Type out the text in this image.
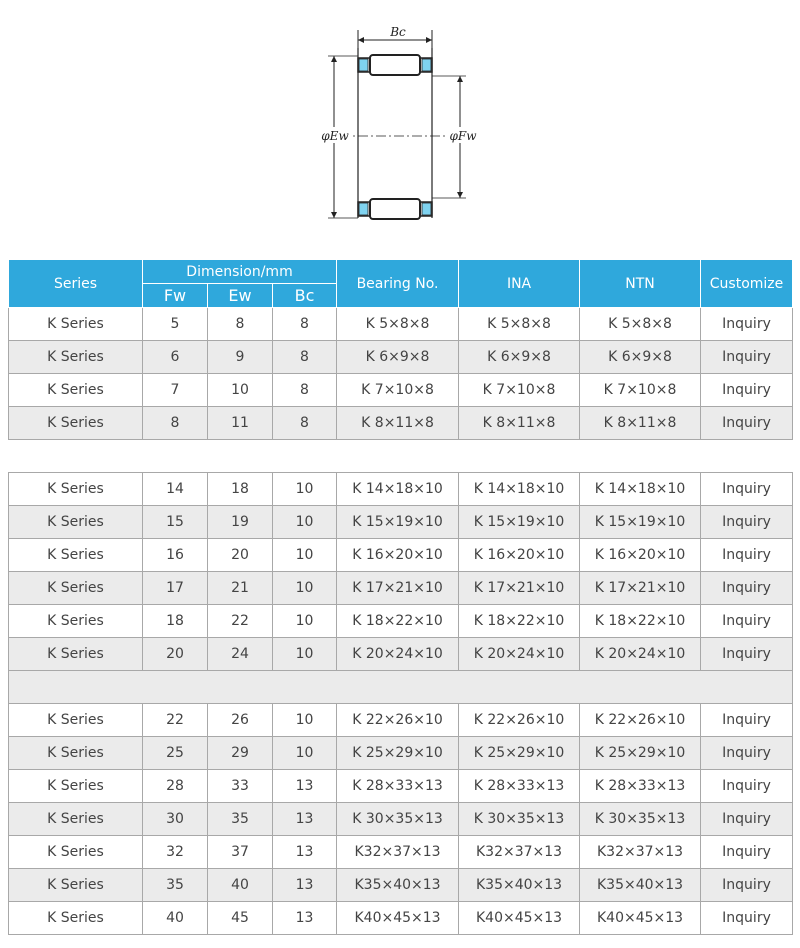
Bc
φEw	φFw
Series	Dimension/mm			Bearing No.	INA	NTN	Customize
	Fw	Ew	Bc				
K Series	5	8	8	K 5×8×8	K 5×8×8	K 5×8×8	Inquiry
K Series	6	9	8	K 6×9×8	K 6×9×8	K 6×9×8	Inquiry
K Series	7	10	8	K 7×10×8	K 7×10×8	K 7×10×8	Inquiry
K Series	8	11	8	K 8×11×8	K 8×11×8	K 8×11×8	Inquiry

K Series	14	18	10	K 14×18×10	K 14×18×10	K 14×18×10	Inquiry
K Series	15	19	10	K 15×19×10	K 15×19×10	K 15×19×10	Inquiry
K Series	16	20	10	K 16×20×10	K 16×20×10	K 16×20×10	Inquiry
K Series	17	21	10	K 17×21×10	K 17×21×10	K 17×21×10	Inquiry
K Series	18	22	10	K 18×22×10	K 18×22×10	K 18×22×10	Inquiry
K Series	20	24	10	K 20×24×10	K 20×24×10	K 20×24×10	Inquiry

K Series	22	26	10	K 22×26×10	K 22×26×10	K 22×26×10	Inquiry
K Series	25	29	10	K 25×29×10	K 25×29×10	K 25×29×10	Inquiry
K Series	28	33	13	K 28×33×13	K 28×33×13	K 28×33×13	Inquiry
K Series	30	35	13	K 30×35×13	K 30×35×13	K 30×35×13	Inquiry
K Series	32	37	13	K32×37×13	K32×37×13	K32×37×13	Inquiry
K Series	35	40	13	K35×40×13	K35×40×13	K35×40×13	Inquiry
K Series	40	45	13	K40×45×13	K40×45×13	K40×45×13	Inquiry
